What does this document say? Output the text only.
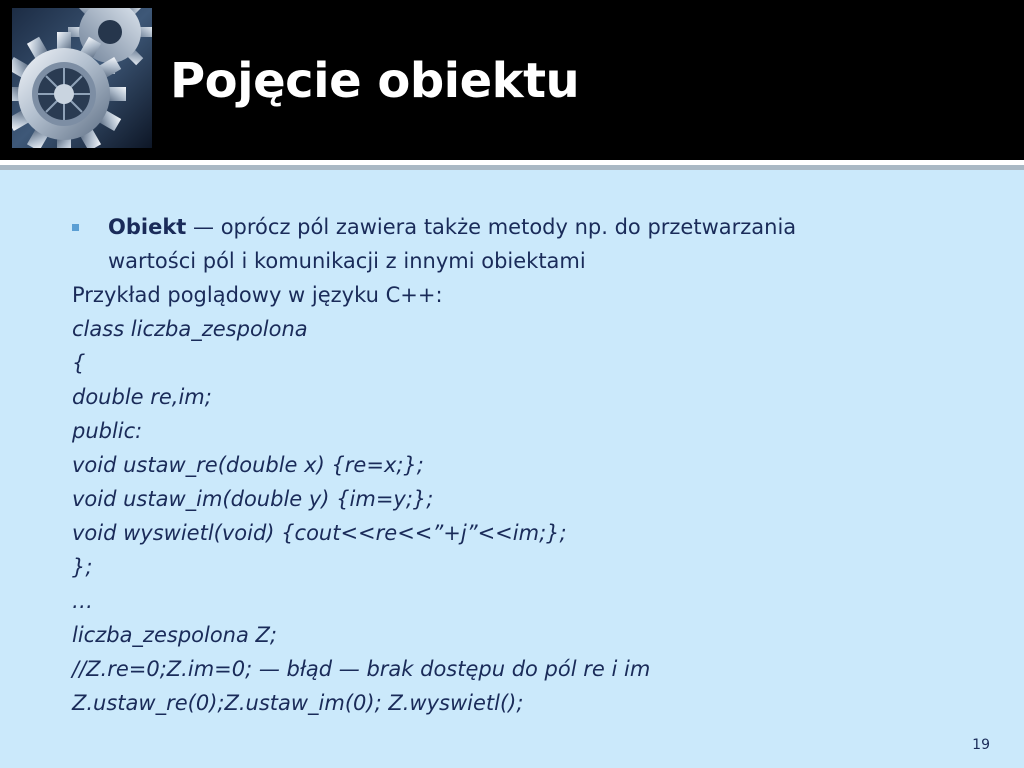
Pojęcie obiektu
Obiekt — oprócz pól zawiera także metody np. do przetwarzania
wartości pól i komunikacji z innymi obiektami
Przykład poglądowy w języku C++:
class liczba_zespolona
{
double re,im;
public:
void ustaw_re(double x) {re=x;};
void ustaw_im(double y) {im=y;};
void wyswietl(void) {cout<<re<<”+j”<<im;};
};
…
liczba_zespolona Z;
//Z.re=0;Z.im=0; — błąd — brak dostępu do pól re i im
Z.ustaw_re(0);Z.ustaw_im(0); Z.wyswietl();
19
